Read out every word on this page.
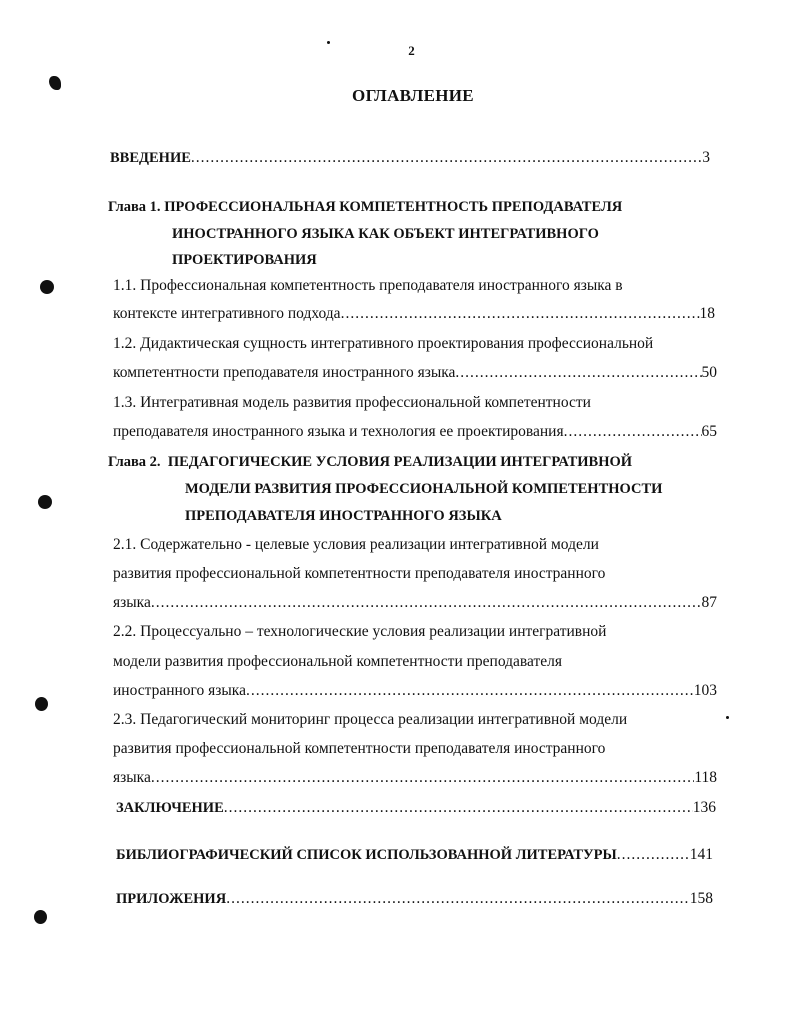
2
ОГЛАВЛЕНИЕ
ВВЕДЕНИЕ .....	3
Глава 1. ПРОФЕССИОНАЛЬНАЯ КОМПЕТЕНТНОСТЬ ПРЕПОДАВАТЕЛЯ
ИНОСТРАННОГО ЯЗЫКА КАК ОБЪЕКТ ИНТЕГРАТИВНОГО
ПРОЕКТИРОВАНИЯ
1.1. Профессиональная компетентность преподавателя иностранного языка в
контексте интегративного подхода .....	18
1.2. Дидактическая сущность интегративного проектирования профессиональной
компетентности преподавателя иностранного языка .....	50
1.3. Интегративная модель развития профессиональной компетентности
преподавателя иностранного языка и технология ее проектирования .....	65
Глава 2. ПЕДАГОГИЧЕСКИЕ УСЛОВИЯ РЕАЛИЗАЦИИ ИНТЕГРАТИВНОЙ
МОДЕЛИ РАЗВИТИЯ ПРОФЕССИОНАЛЬНОЙ КОМПЕТЕНТНОСТИ
ПРЕПОДАВАТЕЛЯ ИНОСТРАННОГО ЯЗЫКА
2.1. Содержательно - целевые условия реализации интегративной модели
развития профессиональной компетентности преподавателя иностранного
языка .....	87
2.2. Процессуально – технологические условия реализации интегративной
модели развития профессиональной компетентности преподавателя
иностранного языка .....	103
2.3. Педагогический мониторинг процесса реализации интегративной модели
развития профессиональной компетентности преподавателя иностранного
языка .....	118
ЗАКЛЮЧЕНИЕ .....	136
БИБЛИОГРАФИЧЕСКИЙ СПИСОК ИСПОЛЬЗОВАННОЙ ЛИТЕРАТУРЫ .....	141
ПРИЛОЖЕНИЯ .....	158
